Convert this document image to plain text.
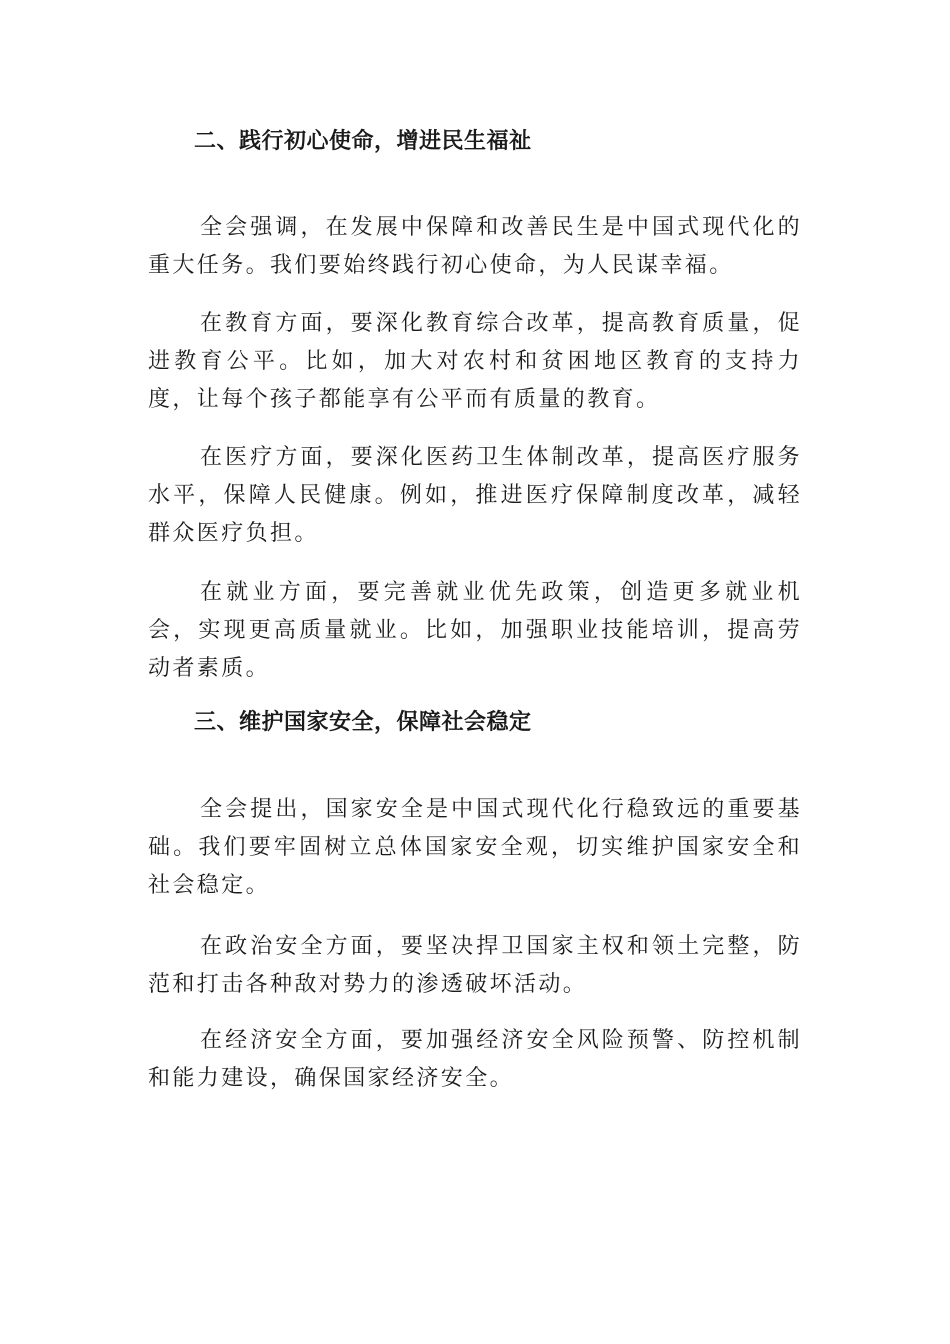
二、践行初心使命，增进民生福祉

全会强调，在发展中保障和改善民生是中国式现代化的重大任务。我们要始终践行初心使命，为人民谋幸福。

在教育方面，要深化教育综合改革，提高教育质量，促进教育公平。比如，加大对农村和贫困地区教育的支持力度，让每个孩子都能享有公平而有质量的教育。

在医疗方面，要深化医药卫生体制改革，提高医疗服务水平，保障人民健康。例如，推进医疗保障制度改革，减轻群众医疗负担。

在就业方面，要完善就业优先政策，创造更多就业机会，实现更高质量就业。比如，加强职业技能培训，提高劳动者素质。

三、维护国家安全，保障社会稳定

全会提出，国家安全是中国式现代化行稳致远的重要基础。我们要牢固树立总体国家安全观，切实维护国家安全和社会稳定。

在政治安全方面，要坚决捍卫国家主权和领土完整，防范和打击各种敌对势力的渗透破坏活动。

在经济安全方面，要加强经济安全风险预警、防控机制和能力建设，确保国家经济安全。
